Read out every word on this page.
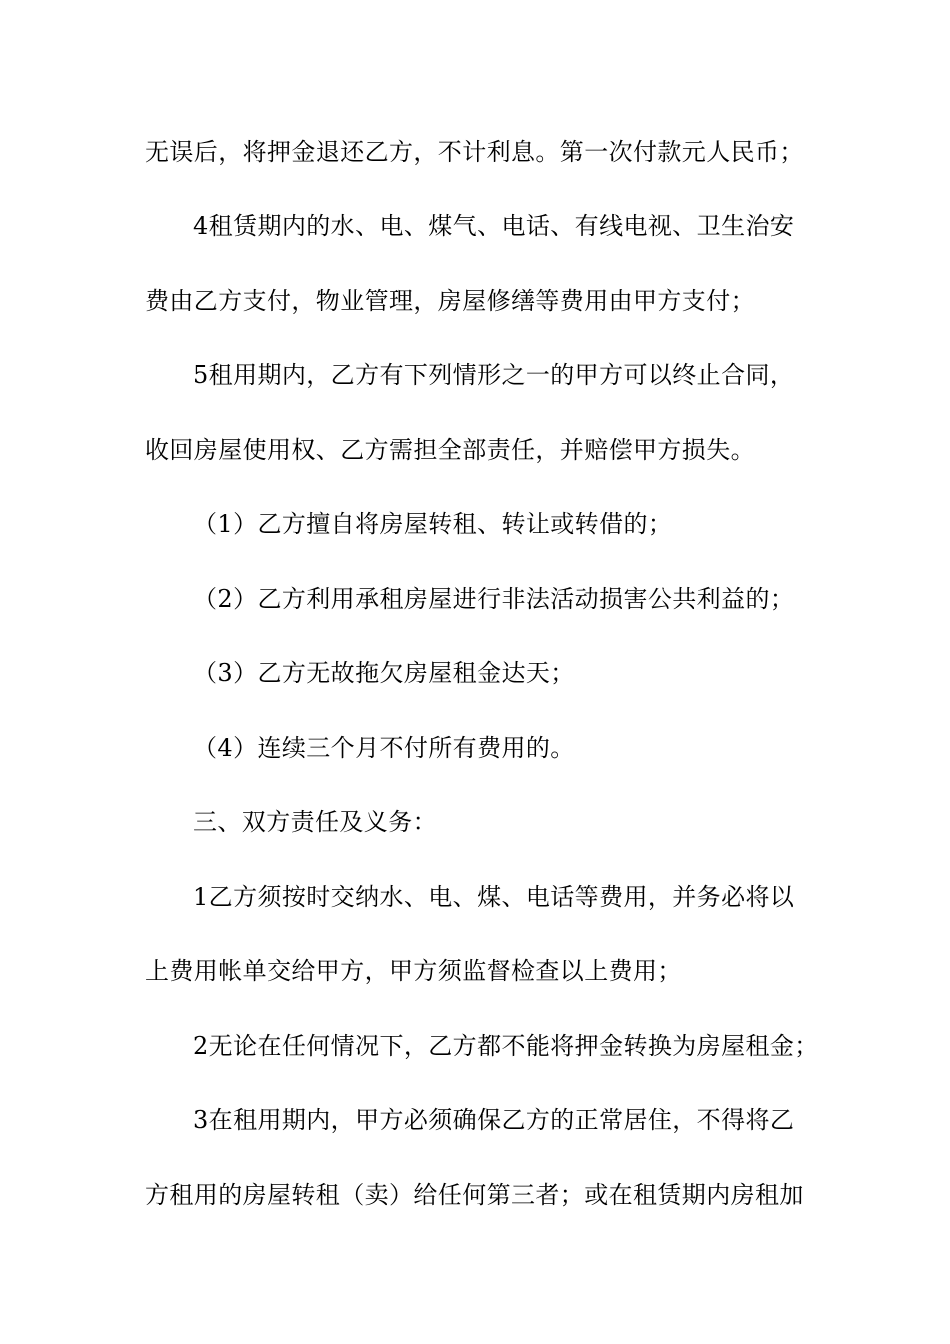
无误后，将押金退还乙方，不计利息。第一次付款元人民币；
4租赁期内的水、电、煤气、电话、有线电视、卫生治安
费由乙方支付，物业管理，房屋修缮等费用由甲方支付；
5租用期内，乙方有下列情形之一的甲方可以终止合同，
收回房屋使用权、乙方需担全部责任，并赔偿甲方损失。
（1）乙方擅自将房屋转租、转让或转借的；
（2）乙方利用承租房屋进行非法活动损害公共利益的；
（3）乙方无故拖欠房屋租金达天；
（4）连续三个月不付所有费用的。
三、双方责任及义务：
1乙方须按时交纳水、电、煤、电话等费用，并务必将以
上费用帐单交给甲方，甲方须监督检查以上费用；
2无论在任何情况下，乙方都不能将押金转换为房屋租金；
3在租用期内，甲方必须确保乙方的正常居住，不得将乙
方租用的房屋转租（卖）给任何第三者；或在租赁期内房租加
